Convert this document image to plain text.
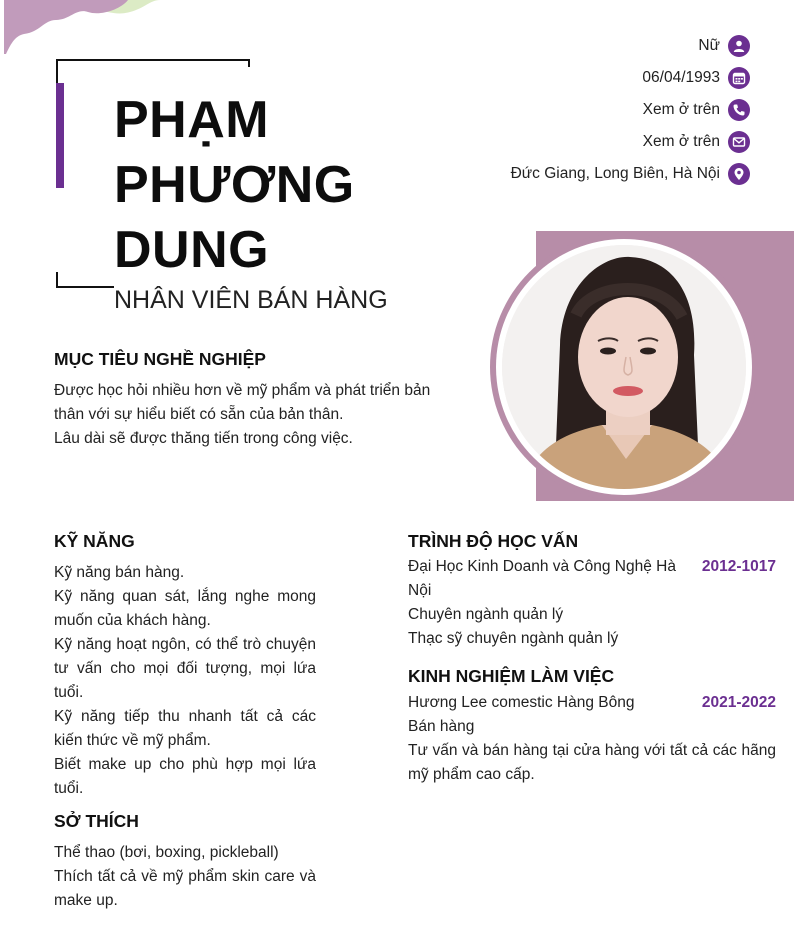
PHẠM
PHƯƠNG
DUNG
NHÂN VIÊN BÁN HÀNG
Nữ
06/04/1993
Xem ở trên
Xem ở trên
Đức Giang, Long Biên, Hà Nội
MỤC TIÊU NGHỀ NGHIỆP
Được học hỏi nhiều hơn về mỹ phẩm và phát triển bản
thân với sự hiểu biết có sẵn của bản thân.
Lâu dài sẽ được thăng tiến trong công việc.
KỸ NĂNG
Kỹ năng bán hàng.
Kỹ năng quan sát, lắng nghe mong muốn của khách hàng.
Kỹ năng hoạt ngôn, có thể trò chuyện tư vấn cho mọi đối tượng, mọi lứa tuổi.
Kỹ năng tiếp thu nhanh tất cả các kiến thức về mỹ phẩm.
Biết make up cho phù hợp mọi lứa tuổi.
SỞ THÍCH
Thể thao (bơi, boxing, pickleball)
Thích tất cả về mỹ phẩm skin care và make up.
TRÌNH ĐỘ HỌC VẤN
Đại Học Kinh Doanh và Công Nghệ Hà Nội
2012-1017
Chuyên ngành quản lý
Thạc sỹ chuyên ngành quản lý
KINH NGHIỆM LÀM VIỆC
Hương Lee comestic Hàng Bông	2021-2022
Bán hàng
Tư vấn và bán hàng tại cửa hàng với tất cả các hãng mỹ phẩm cao cấp.
